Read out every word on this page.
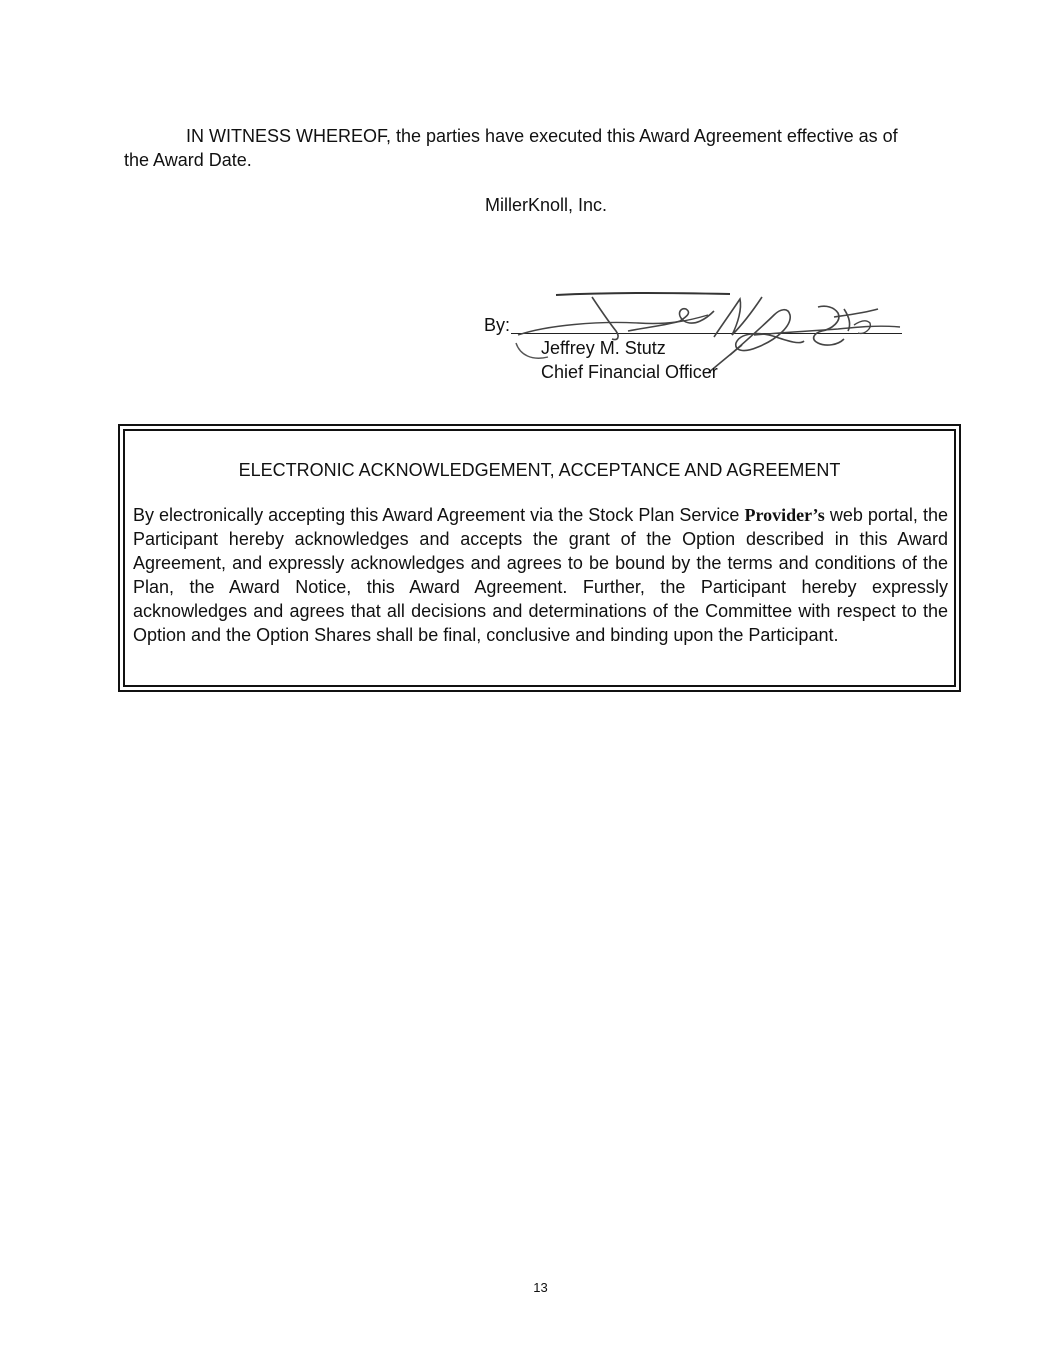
IN WITNESS WHEREOF, the parties have executed this Award Agreement effective as of the Award Date.

MillerKnoll, Inc.

By:
Jeffrey M. Stutz
Chief Financial Officer

ELECTRONIC ACKNOWLEDGEMENT, ACCEPTANCE AND AGREEMENT

By electronically accepting this Award Agreement via the Stock Plan Service Provider’s web portal, the Participant hereby acknowledges and accepts the grant of the Option described in this Award Agreement, and expressly acknowledges and agrees to be bound by the terms and conditions of the Plan, the Award Notice, this Award Agreement. Further, the Participant hereby expressly acknowledges and agrees that all decisions and determinations of the Committee with respect to the Option and the Option Shares shall be final, conclusive and binding upon the Participant.

13
